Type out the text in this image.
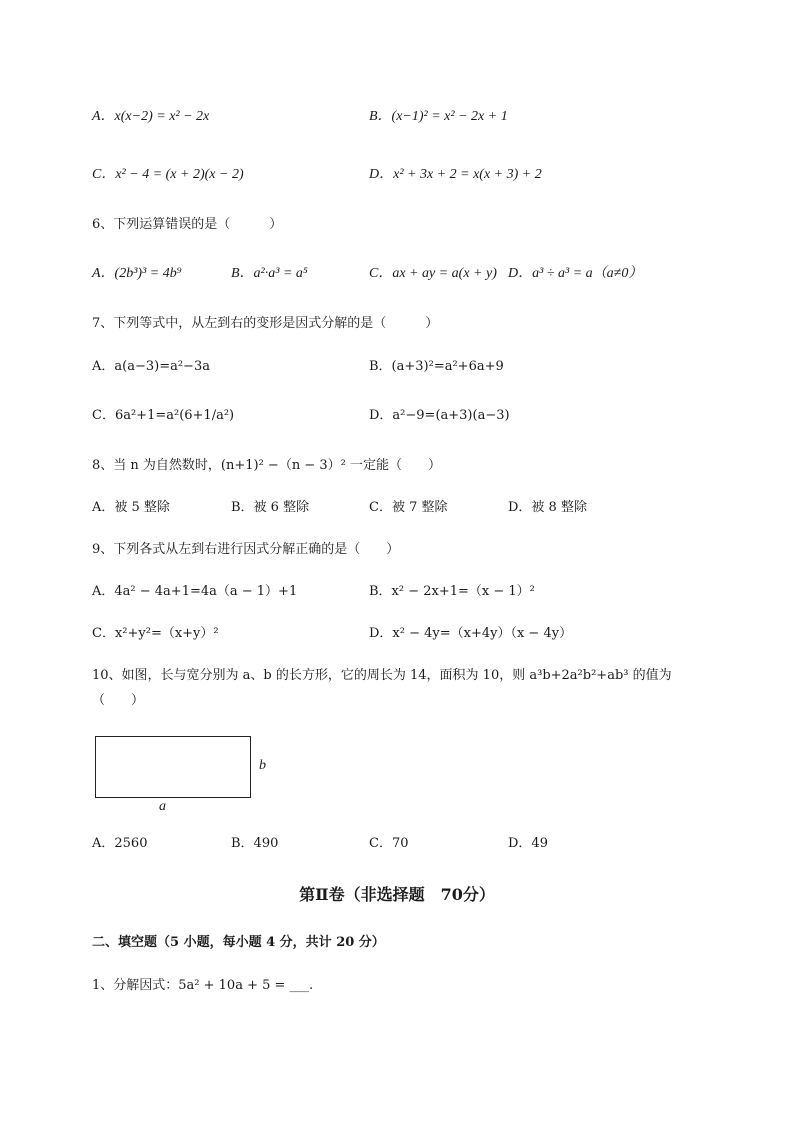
A．x(x−2) = x² − 2x	B．(x−1)² = x² − 2x + 1
C．x² − 4 = (x + 2)(x − 2)	D．x² + 3x + 2 = x(x + 3) + 2
6、下列运算错误的是（　　　）
A．(2b³)³ = 4b⁹	B．a²·a³ = a⁵	C．ax + ay = a(x + y) D．a³ ÷ a³ = a（a≠0）
7、下列等式中，从左到右的变形是因式分解的是（　　　）
A．a(a−3)=a²−3a	B．(a+3)²=a²+6a+9
C．6a²+1=a²(6+1/a²)	D．a²−9=(a+3)(a−3)
8、当 n 为自然数时，(n+1)² −（n − 3）² 一定能（　　）
A．被 5 整除	B．被 6 整除	C．被 7 整除	D．被 8 整除
9、下列各式从左到右进行因式分解正确的是（　　）
A．4a² − 4a+1=4a（a − 1）+1	B．x² − 2x+1=（x − 1）²
C．x²+y²=（x+y）²	D．x² − 4y=（x+4y）（x − 4y）
10、如图，长与宽分别为 a、b 的长方形，它的周长为 14，面积为 10，则 a³b+2a²b²+ab³ 的值为
（　　）
b
a
A．2560	B．490	C．70	D．49
第Ⅱ卷（非选择题　70分）
二、填空题（5 小题，每小题 4 分，共计 20 分）
1、分解因式：5a² + 10a + 5 = ___.
